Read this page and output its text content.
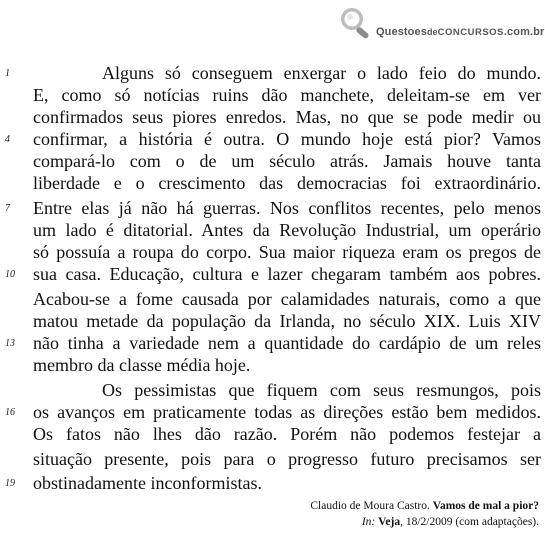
QuestoesdeCONCURSOS.com.br
1	Alguns só conseguem enxergar o lado feio do mundo.
E, como só notícias ruins dão manchete, deleitam-se em ver
confirmados seus piores enredos. Mas, no que se pode medir ou
4 confirmar, a história é outra. O mundo hoje está pior? Vamos
compará-lo com o de um século atrás. Jamais houve tanta
liberdade e o crescimento das democracias foi extraordinário.
7 Entre elas já não há guerras. Nos conflitos recentes, pelo menos
um lado é ditatorial. Antes da Revolução Industrial, um operário
só possuía a roupa do corpo. Sua maior riqueza eram os pregos de
10 sua casa. Educação, cultura e lazer chegaram também aos pobres.
Acabou-se a fome causada por calamidades naturais, como a que
matou metade da população da Irlanda, no século XIX. Luis XIV
13 não tinha a variedade nem a quantidade do cardápio de um reles
membro da classe média hoje.
Os pessimistas que fiquem com seus resmungos, pois
16 os avanços em praticamente todas as direções estão bem medidos.
Os fatos não lhes dão razão. Porém não podemos festejar a
situação presente, pois para o progresso futuro precisamos ser
19 obstinadamente inconformistas.
Claudio de Moura Castro. Vamos de mal a pior?
In: Veja, 18/2/2009 (com adaptações).
